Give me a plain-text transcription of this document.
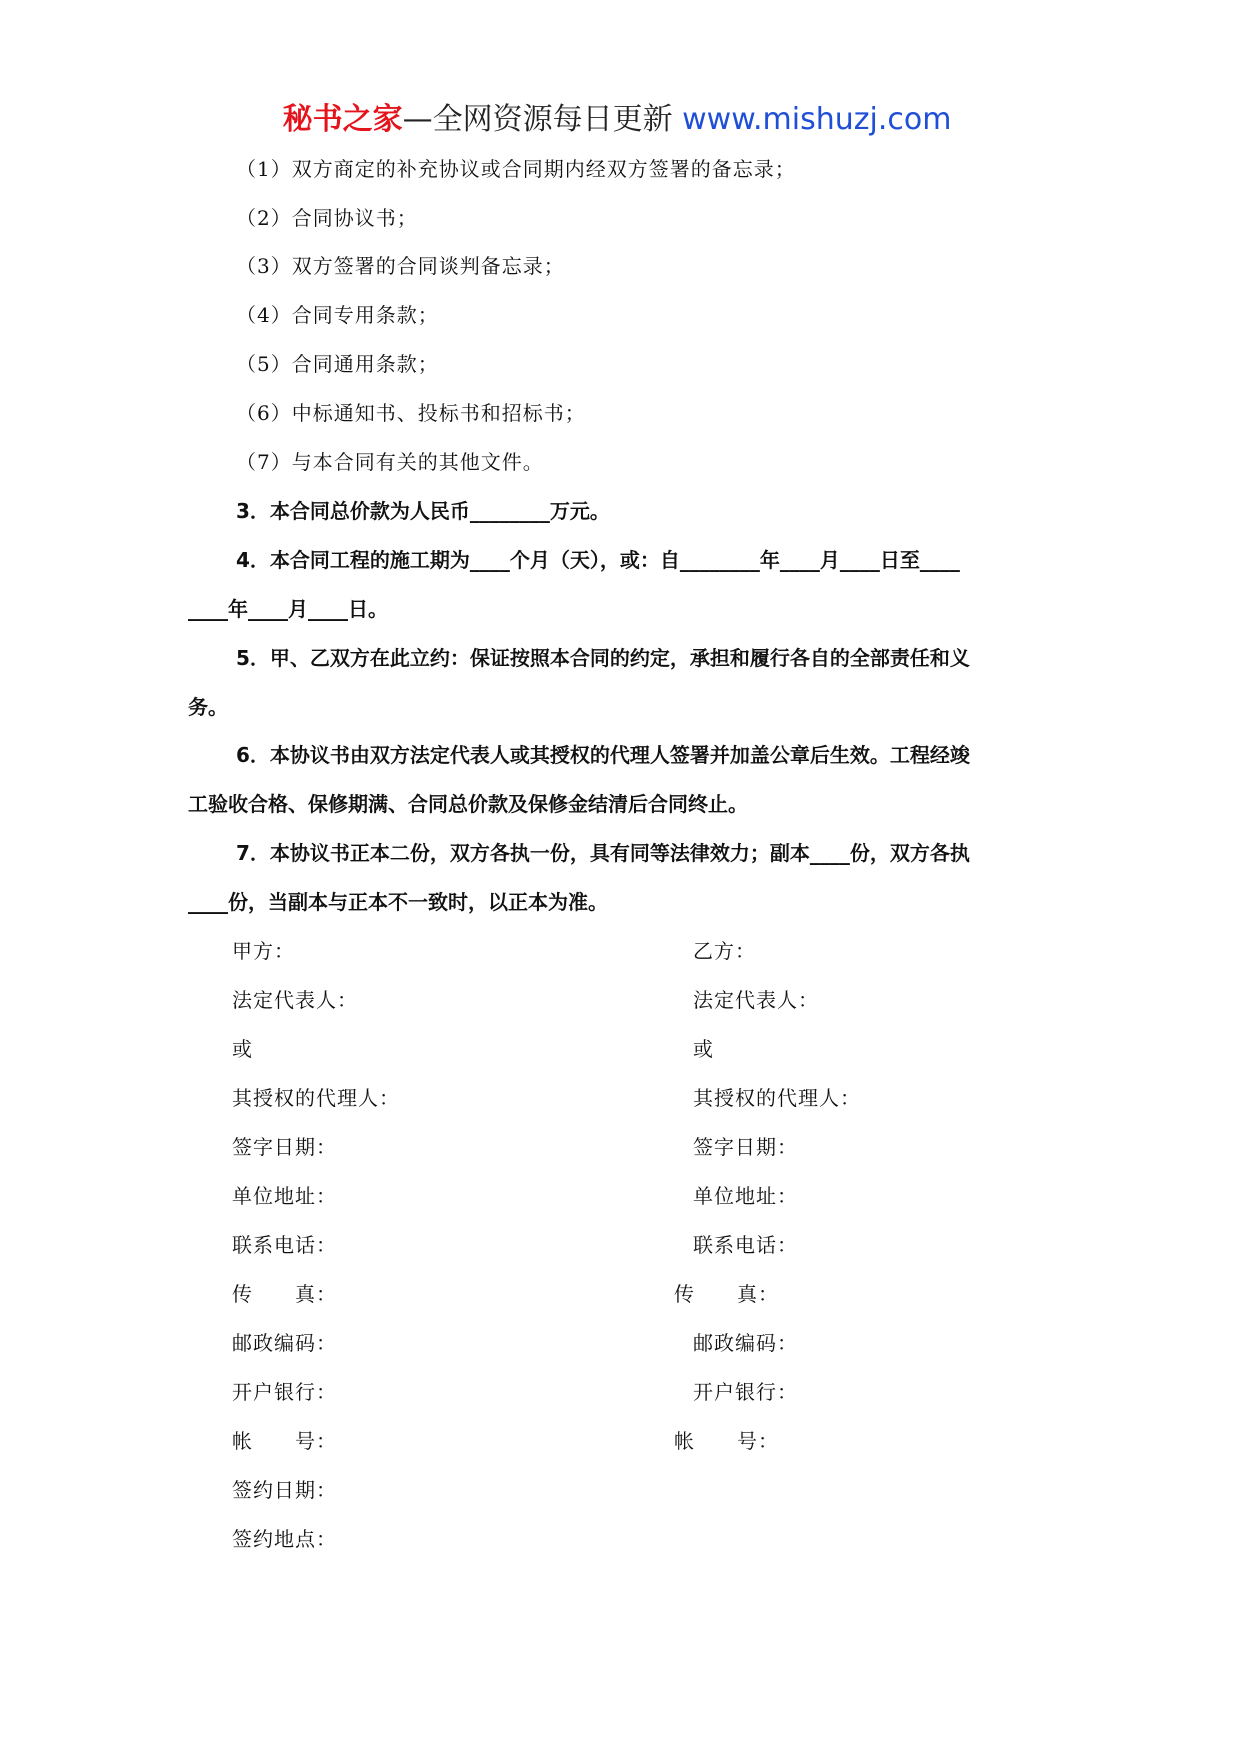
秘书之家—全网资源每日更新 www.mishuzj.com
（1）双方商定的补充协议或合同期内经双方签署的备忘录；
（2）合同协议书；
（3）双方签署的合同谈判备忘录；
（4）合同专用条款；
（5）合同通用条款；
（6）中标通知书、投标书和招标书；
（7）与本合同有关的其他文件。
3．本合同总价款为人民币________万元。
4．本合同工程的施工期为____个月（天），或：自________年____月____日至____
____年____月____日。
5．甲、乙双方在此立约：保证按照本合同的约定，承担和履行各自的全部责任和义
务。
6．本协议书由双方法定代表人或其授权的代理人签署并加盖公章后生效。工程经竣
工验收合格、保修期满、合同总价款及保修金结清后合同终止。
7．本协议书正本二份，双方各执一份，具有同等法律效力；副本____份，双方各执
____份，当副本与正本不一致时，以正本为准。
甲方：
法定代表人：
或
其授权的代理人：
签字日期：
单位地址：
联系电话：
传　　真：
邮政编码：
开户银行：
帐　　号：
签约日期：
签约地点：
乙方：
法定代表人：
或
其授权的代理人：
签字日期：
单位地址：
联系电话：
传　　真：
邮政编码：
开户银行：
帐　　号：
